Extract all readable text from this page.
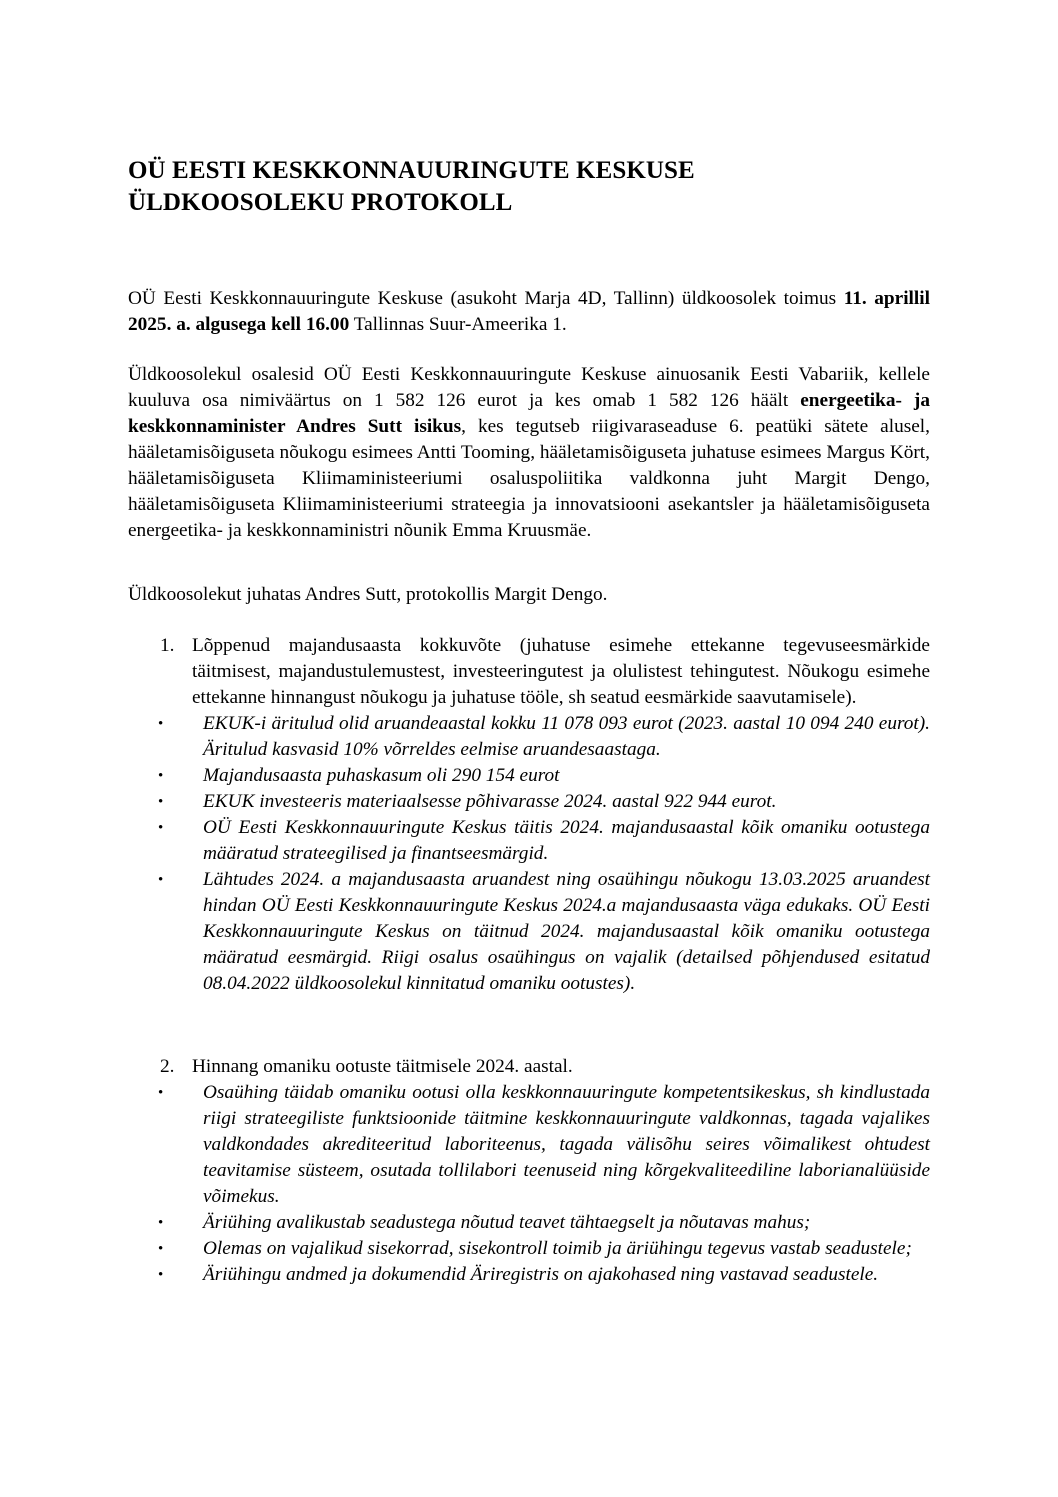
OÜ EESTI KESKKONNAUURINGUTE KESKUSE
ÜLDKOOSOLEKU PROTOKOLL
OÜ Eesti Keskkonnauuringute Keskuse (asukoht Marja 4D, Tallinn) üldkoosolek toimus 11. aprillil 2025. a. algusega kell 16.00 Tallinnas Suur-Ameerika 1.
Üldkoosolekul osalesid OÜ Eesti Keskkonnauuringute Keskuse ainuosanik Eesti Vabariik, kellele kuuluva osa nimiväärtus on 1 582 126 eurot ja kes omab 1 582 126 häält energeetika- ja keskkonnaminister Andres Sutt isikus, kes tegutseb riigivaraseaduse 6. peatüki sätete alusel, hääletamisõiguseta nõukogu esimees Antti Tooming, hääletamisõiguseta juhatuse esimees Margus Kört, hääletamisõiguseta Kliimaministeeriumi osaluspoliitika valdkonna juht Margit Dengo, hääletamisõiguseta Kliimaministeeriumi strateegia ja innovatsiooni asekantsler ja hääletamisõiguseta energeetika- ja keskkonnaministri nõunik Emma Kruusmäe.
Üldkoosolekut juhatas Andres Sutt, protokollis Margit Dengo.
1. Lõppenud majandusaasta kokkuvõte (juhatuse esimehe ettekanne tegevuseesmärkide täitmisest, majandustulemustest, investeeringutest ja olulistest tehingutest. Nõukogu esimehe ettekanne hinnangust nõukogu ja juhatuse tööle, sh seatud eesmärkide saavutamisele).
• EKUK-i äritulud olid aruandeaastal kokku 11 078 093 eurot (2023. aastal 10 094 240 eurot). Äritulud kasvasid 10% võrreldes eelmise aruandesaastaga.
• Majandusaasta puhaskasum oli 290 154 eurot
• EKUK investeeris materiaalsesse põhivarasse 2024. aastal 922 944 eurot.
• OÜ Eesti Keskkonnauuringute Keskus täitis 2024. majandusaastal kõik omaniku ootustega määratud strateegilised ja finantseesmärgid.
• Lähtudes 2024. a majandusaasta aruandest ning osaühingu nõukogu 13.03.2025 aruandest hindan OÜ Eesti Keskkonnauuringute Keskus 2024.a majandusaasta väga edukaks. OÜ Eesti Keskkonnauuringute Keskus on täitnud 2024. majandusaastal kõik omaniku ootustega määratud eesmärgid. Riigi osalus osaühingus on vajalik (detailsed põhjendused esitatud 08.04.2022 üldkoosolekul kinnitatud omaniku ootustes).
2. Hinnang omaniku ootuste täitmisele 2024. aastal.
• Osaühing täidab omaniku ootusi olla keskkonnauuringute kompetentsikeskus, sh kindlustada riigi strateegiliste funktsioonide täitmine keskkonnauuringute valdkonnas, tagada vajalikes valdkondades akrediteeritud laboriteenus, tagada välisõhu seires võimalikest ohtudest teavitamise süsteem, osutada tollilabori teenuseid ning kõrgekvaliteediline laborianalüüside võimekus.
• Äriühing avalikustab seadustega nõutud teavet tähtaegselt ja nõutavas mahus;
• Olemas on vajalikud sisekorrad, sisekontroll toimib ja äriühingu tegevus vastab seadustele;
• Äriühingu andmed ja dokumendid Äriregistris on ajakohased ning vastavad seadustele.
